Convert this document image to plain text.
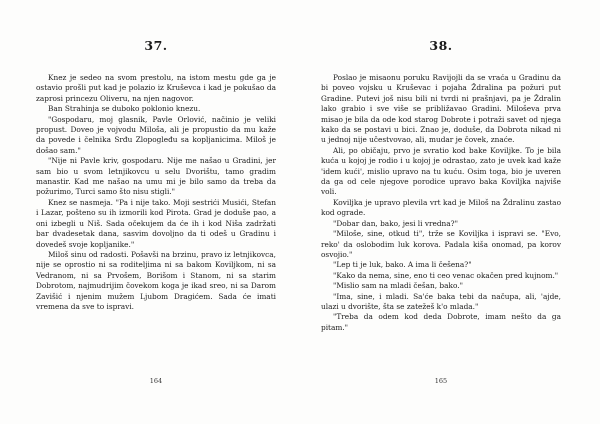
37.

Knez je sedeo na svom prestolu, na istom mestu gde ga je ostavio prošli put kad je polazio iz Kruševca i kad je pokušao da zaprosi princezu Oliveru, na njen nagovor.

Ban Strahinja se duboko poklonio knezu.

"Gospodaru, moj glasnik, Pavle Orlović, načinio je veliki propust. Doveo je vojvodu Miloša, ali je propustio da mu kaže da povede i čelnika Srđu Zlopogleđu sa kopljanicima. Miloš je došao sam."

"Nije ni Pavle kriv, gospodaru. Nije me našao u Gradini, jer sam bio u svom letnjikovcu u selu Dvorištu, tamo gradim manastir. Kad me našao na umu mi je bilo samo da treba da požurimo, Turci samo što nisu stigli."

Knez se nasmeja. "Pa i nije tako. Moji sestrići Musići, Stefan i Lazar, pošteno su ih izmorili kod Pirota. Grad je doduše pao, a oni izbegli u Niš. Sada očekujem da će ih i kod Niša zadržati bar dvadesetak dana, sasvim dovoljno da ti odeš u Gradinu i dovedeš svoje kopljanike."

Miloš sinu od radosti. Pošavši na brzinu, pravo iz letnjikovca, nije se oprostio ni sa roditeljima ni sa bakom Koviljkom, ni sa Vedranom, ni sa Prvošem, Borišom i Stanom, ni sa starim Dobrotom, najmudrijim čovekom koga je ikad sreo, ni sa Darom Zavišić i njenim mužem Ljubom Dragićem. Sada će imati vremena da sve to ispravi.

164
38.

Poslao je misaonu poruku Ravijojli da se vraća u Gradinu da bi poveo vojsku u Kruševac i pojaha Ždralina pa požuri put Gradine. Putevi još nisu bili ni tvrdi ni prašnjavi, pa je Ždralin lako grabio i sve više se približavao Gradini. Miloševa prva misao je bila da ode kod starog Dobrote i potraži savet od njega kako da se postavi u bici. Znao je, doduše, da Dobrota nikad ni u jednoj nije učestvovao, ali, mudar je čovek, znaće.

Ali, po običaju, prvo je svratio kod bake Koviljke. To je bila kuća u kojoj je rodio i u kojoj je odrastao, zato je uvek kad kaže 'idem kući', mislio upravo na tu kuću. Osim toga, bio je uveren da ga od cele njegove porodice upravo baka Koviljka najviše voli.

Koviljka je upravo plevila vrt kad je Miloš na Ždralinu zastao kod ograde.

"Dobar dan, bako, jesi li vredna?"

"Miloše, sine, otkud ti", trže se Koviljka i ispravi se. "Evo, reko' da oslobodim luk korova. Padala kiša onomad, pa korov osvojio."

"Lep ti je luk, bako. A ima li češena?"

"Kako da nema, sine, eno ti ceo venac okačen pred kujnom."

"Mislio sam na mladi češan, bako."

"Ima, sine, i mladi. Sa'će baka tebi da načupa, ali, 'ajde, ulazi u dvorište, šta se zatežeš k'o mlada."

"Treba da odem kod deda Dobrote, imam nešto da ga pitam."

165
